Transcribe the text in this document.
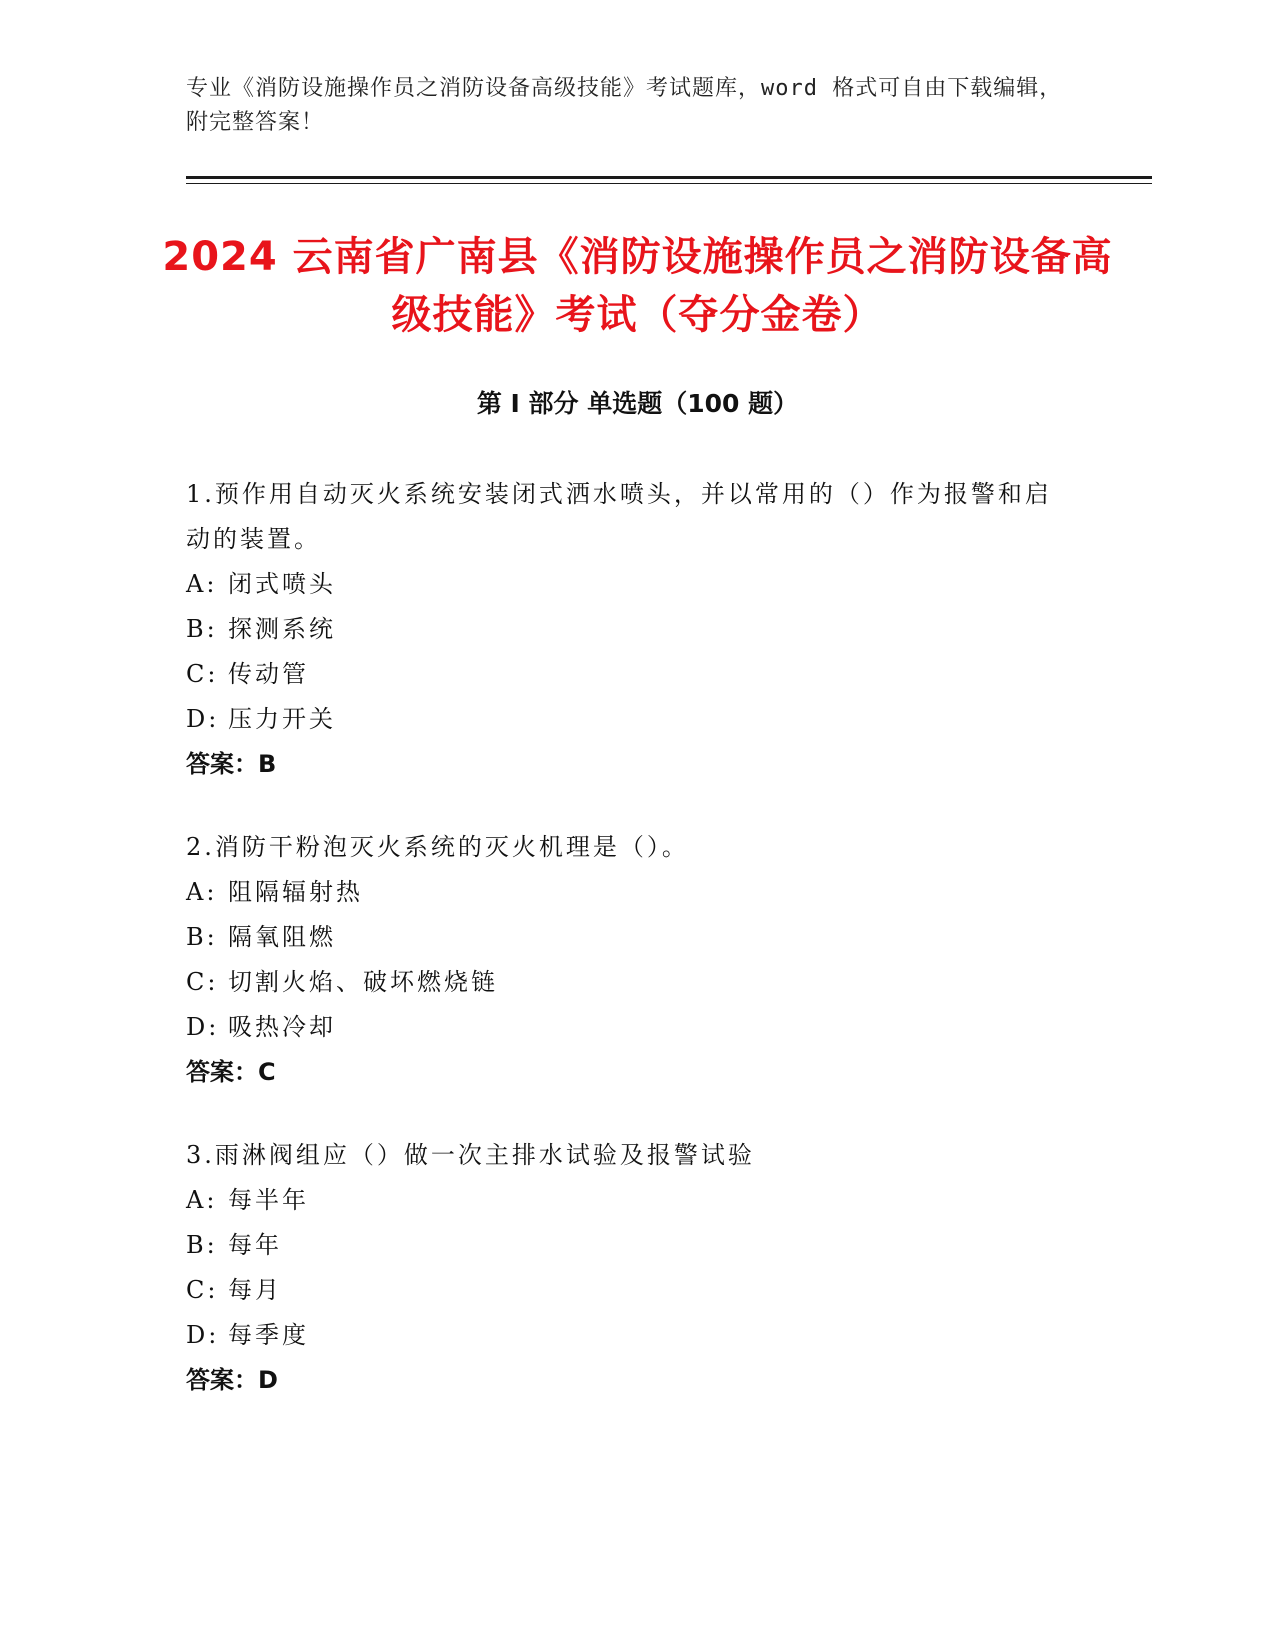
专业《消防设施操作员之消防设备高级技能》考试题库，word 格式可自由下载编辑，附完整答案！
2024 云南省广南县《消防设施操作员之消防设备高级技能》考试（夺分金卷）
第 I 部分 单选题（100 题）
1.预作用自动灭火系统安装闭式洒水喷头，并以常用的（）作为报警和启动的装置。
A: 闭式喷头
B: 探测系统
C: 传动管
D: 压力开关
答案：B
2.消防干粉泡灭火系统的灭火机理是（）。
A: 阻隔辐射热
B: 隔氧阻燃
C: 切割火焰、破坏燃烧链
D: 吸热冷却
答案：C
3.雨淋阀组应（）做一次主排水试验及报警试验
A: 每半年
B: 每年
C: 每月
D: 每季度
答案：D
